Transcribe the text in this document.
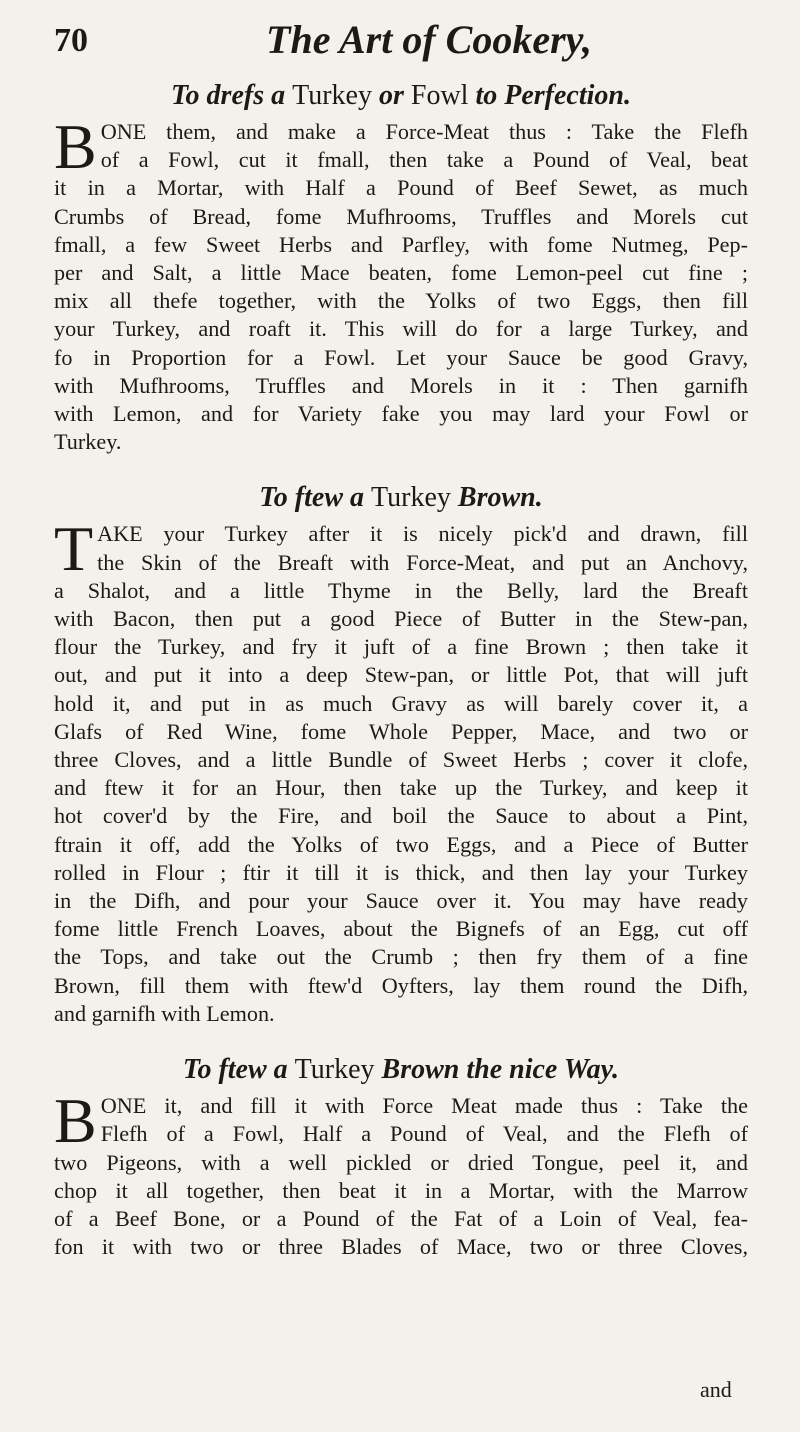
70	The Art of Cookery,
To drefs a Turkey or Fowl to Perfection.
B ONE them, and make a Force-Meat thus : Take the Flefh
of a Fowl, cut it fmall, then take a Pound of Veal, beat
it in a Mortar, with Half a Pound of Beef Sewet, as much
Crumbs of Bread, fome Mufhrooms, Truffles and Morels cut
fmall, a few Sweet Herbs and Parfley, with fome Nutmeg, Pep-
per and Salt, a little Mace beaten, fome Lemon-peel cut fine ;
mix all thefe together, with the Yolks of two Eggs, then fill
your Turkey, and roaft it. This will do for a large Turkey, and
fo in Proportion for a Fowl. Let your Sauce be good Gravy,
with Mufhrooms, Truffles and Morels in it : Then garnifh
with Lemon, and for Variety fake you may lard your Fowl or
Turkey.
To ftew a Turkey Brown.
T AKE your Turkey after it is nicely pick'd and drawn, fill
the Skin of the Breaft with Force-Meat, and put an Anchovy,
a Shalot, and a little Thyme in the Belly, lard the Breaft
with Bacon, then put a good Piece of Butter in the Stew-pan,
flour the Turkey, and fry it juft of a fine Brown ; then take it
out, and put it into a deep Stew-pan, or little Pot, that will juft
hold it, and put in as much Gravy as will barely cover it, a
Glafs of Red Wine, fome Whole Pepper, Mace, and two or
three Cloves, and a little Bundle of Sweet Herbs ; cover it clofe,
and ftew it for an Hour, then take up the Turkey, and keep it
hot cover'd by the Fire, and boil the Sauce to about a Pint,
ftrain it off, add the Yolks of two Eggs, and a Piece of Butter
rolled in Flour ; ftir it till it is thick, and then lay your Turkey
in the Difh, and pour your Sauce over it. You may have ready
fome little French Loaves, about the Bignefs of an Egg, cut off
the Tops, and take out the Crumb ; then fry them of a fine
Brown, fill them with ftew'd Oyfters, lay them round the Difh,
and garnifh with Lemon.
To ftew a Turkey Brown the nice Way.
B ONE it, and fill it with Force Meat made thus : Take the
Flefh of a Fowl, Half a Pound of Veal, and the Flefh of
two Pigeons, with a well pickled or dried Tongue, peel it, and
chop it all together, then beat it in a Mortar, with the Marrow
of a Beef Bone, or a Pound of the Fat of a Loin of Veal, fea-
fon it with two or three Blades of Mace, two or three Cloves,
and
